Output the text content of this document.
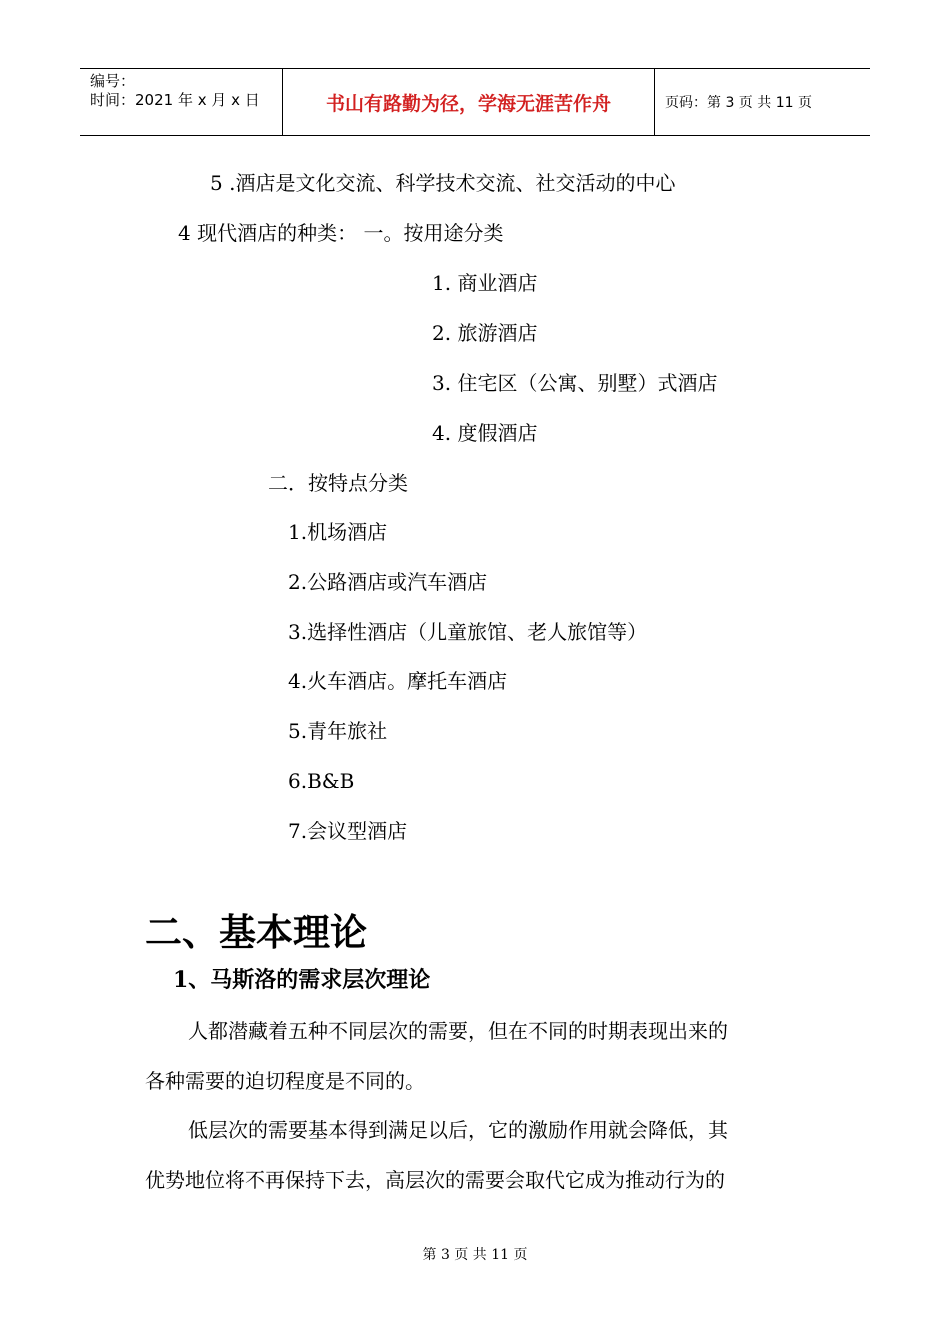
编号：
时间：2021 年 x 月 x 日	书山有路勤为径，学海无涯苦作舟	页码：第 3 页 共 11 页
5 .酒店是文化交流、科学技术交流、社交活动的中心
4 现代酒店的种类： 一。按用途分类
1. 商业酒店
2. 旅游酒店
3. 住宅区（公寓、别墅）式酒店
4. 度假酒店
二．按特点分类
1.机场酒店
2.公路酒店或汽车酒店
3.选择性酒店（儿童旅馆、老人旅馆等）
4.火车酒店。摩托车酒店
5.青年旅社
6.B&B
7.会议型酒店
二、基本理论
1、马斯洛的需求层次理论
人都潜藏着五种不同层次的需要，但在不同的时期表现出来的
各种需要的迫切程度是不同的。
低层次的需要基本得到满足以后，它的激励作用就会降低，其
优势地位将不再保持下去，高层次的需要会取代它成为推动行为的
第 3 页 共 11 页
